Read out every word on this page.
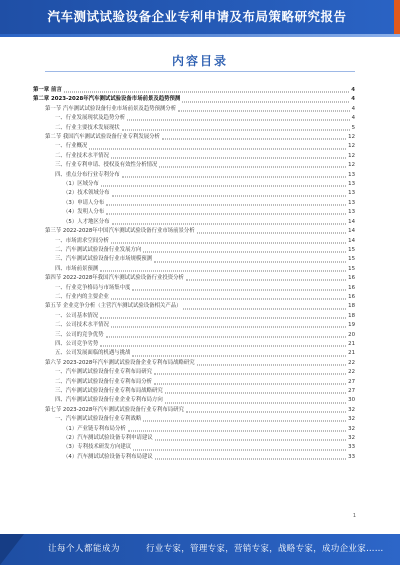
汽车测试试验设备企业专利申请及布局策略研究报告
内容目录
第一章 前言	4
第二章 2023-2028年汽车测试试验设备市场前景及趋势预测	4
第一节 汽车测试试验设备行业市场前景及趋势预测分析	4
一、行业发展现状及趋势分析	4
二、行业主要技术发展现状	5
第二节 我国汽车测试试验设备行业专利发展分析	12
一、行业概况	12
二、行业技术水平情况	12
三、行业专利申请、授权及有效性分析情况	12
四、重点分布行业专利分布	13
（1）区域分布	13
（2）技术领域分布	13
（3）申请人分布	13
（4）发明人分布	13
（5）人才地区分布	14
第三节 2022-2028年中国汽车测试试验设备行业市场前景分析	14
一、市场需求空间分析	14
二、汽车测试试验设备行业发展方向	15
三、汽车测试试验设备行业市场规模预测	15
四、市场前景预测	15
第四节 2022-2028年我国汽车测试试验设备行业投资分析	16
一、行业竞争格局与市场集中度	16
二、行业内的主要企业	16
第五节 企业竞争分析（主营汽车测试试验设备相关产品）	18
一、公司基本情况	18
二、公司技术水平情况	19
三、公司的竞争优势	20
四、公司竞争劣势	21
五、公司发展面临的机遇与挑战	21
第六节 2023-2028年汽车测试试验设备企业专利布局战略研究	22
一、汽车测试试验设备行业专利布局研究	22
二、汽车测试试验设备行业专利布局分析	27
三、汽车测试试验设备行业专利布局战略研究	27
四、汽车测试试验设备行业企业专利布局方向	30
第七节 2023-2028年汽车测试试验设备行业专利布局研究	32
一、汽车测试试验设备行业专利战略	32
（1）产业链专利布局分析	32
（2）汽车测试试验设备专利申请建议	32
（3）专利技术研发方向建议	33
（4）汽车测试试验设备专利布局建议	33
1
让每个人都能成为	行业专家，管理专家，营销专家，战略专家，成功企业家……
